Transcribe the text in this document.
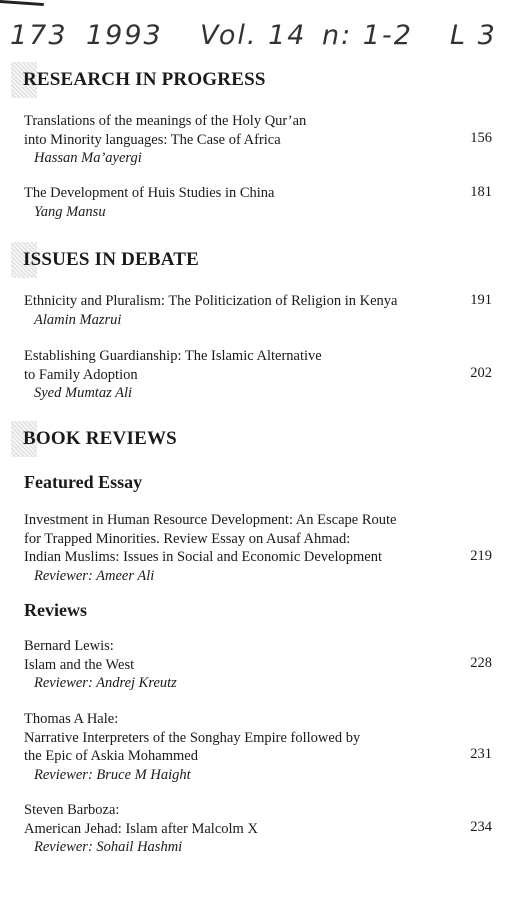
173 1993 Vol. 14 n: 1-2 L 3
RESEARCH IN PROGRESS
Translations of the meanings of the Holy Qur’an
into Minority languages: The Case of Africa
Hassan Ma’ayergi
156
The Development of Huis Studies in China
Yang Mansu
181
ISSUES IN DEBATE
Ethnicity and Pluralism: The Politicization of Religion in Kenya
Alamin Mazrui
191
Establishing Guardianship: The Islamic Alternative
to Family Adoption
Syed Mumtaz Ali
202
BOOK REVIEWS
Featured Essay
Investment in Human Resource Development: An Escape Route
for Trapped Minorities. Review Essay on Ausaf Ahmad:
Indian Muslims: Issues in Social and Economic Development
Reviewer: Ameer Ali
219
Reviews
Bernard Lewis:
Islam and the West
Reviewer: Andrej Kreutz
228
Thomas A Hale:
Narrative Interpreters of the Songhay Empire followed by
the Epic of Askia Mohammed
Reviewer: Bruce M Haight
231
Steven Barboza:
American Jehad: Islam after Malcolm X
Reviewer: Sohail Hashmi
234
